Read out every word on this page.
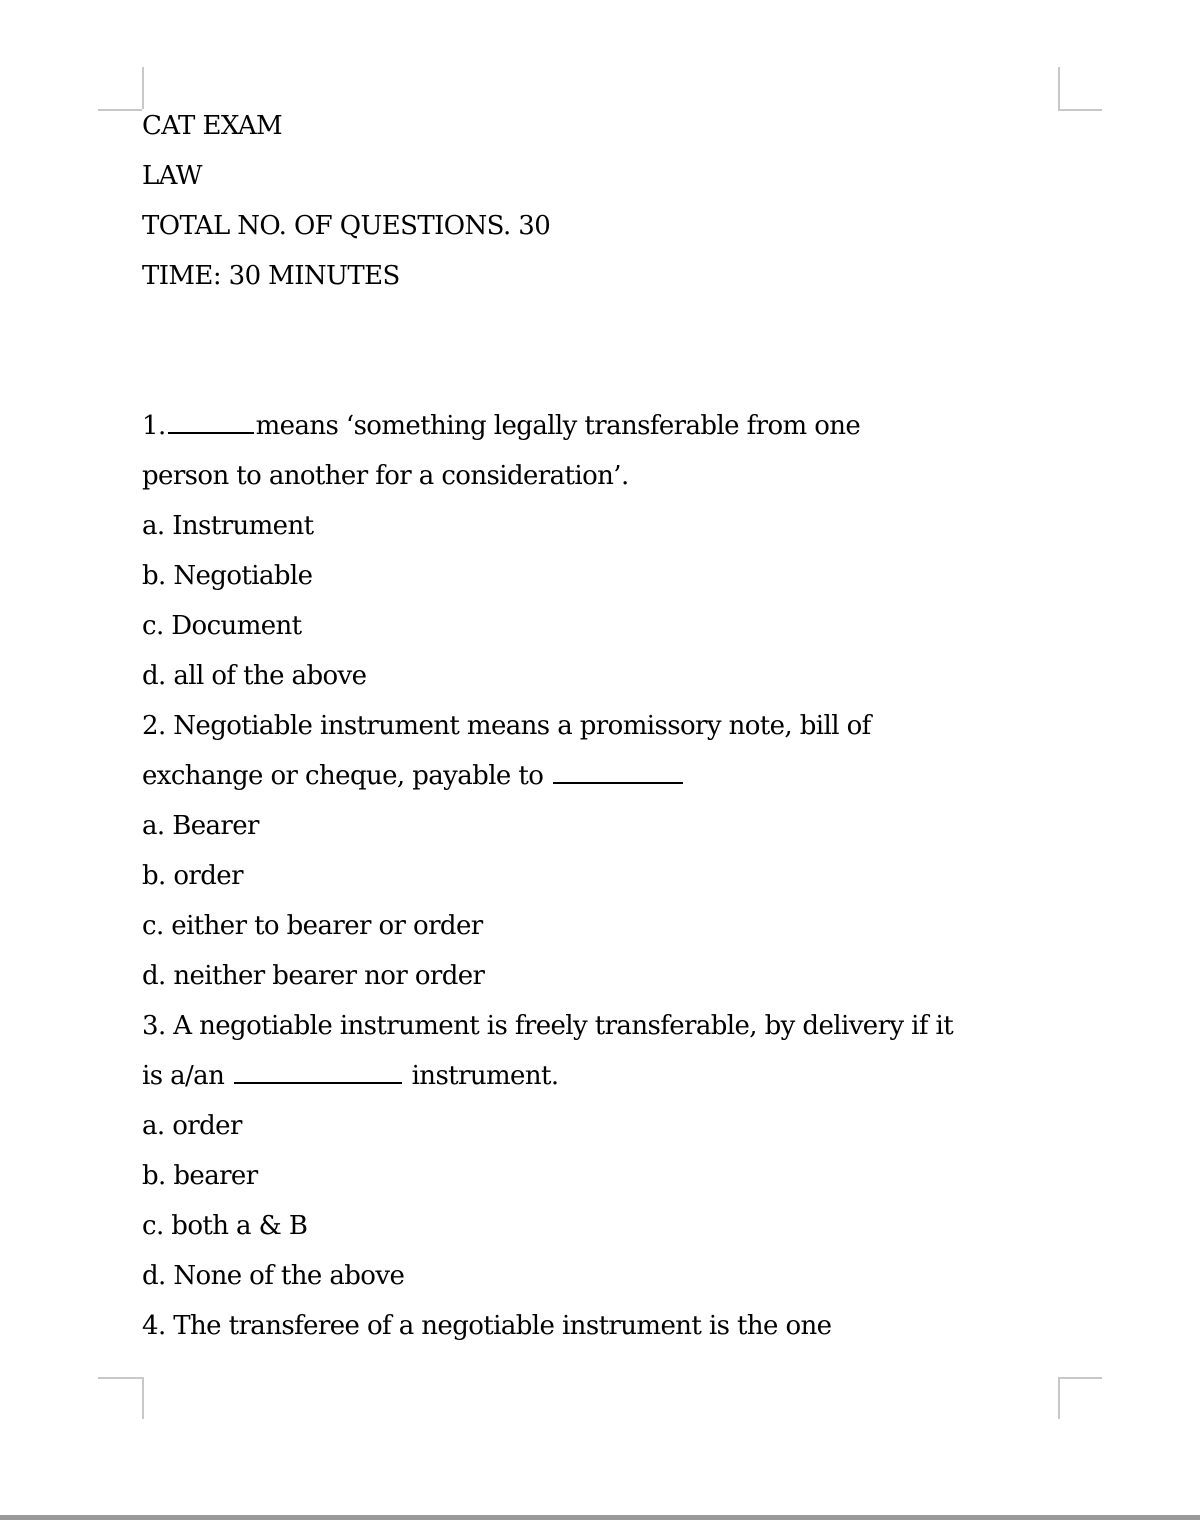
CAT EXAM
LAW
TOTAL NO. OF QUESTIONS. 30
TIME: 30 MINUTES
1.	means ‘something legally transferable from one
person to another for a consideration’.
a. Instrument
b. Negotiable
c. Document
d. all of the above
2. Negotiable instrument means a promissory note, bill of
exchange or cheque, payable to
a. Bearer
b. order
c. either to bearer or order
d. neither bearer nor order
3. A negotiable instrument is freely transferable, by delivery if it
is a/an	instrument.
a. order
b. bearer
c. both a & B
d. None of the above
4. The transferee of a negotiable instrument is the one
